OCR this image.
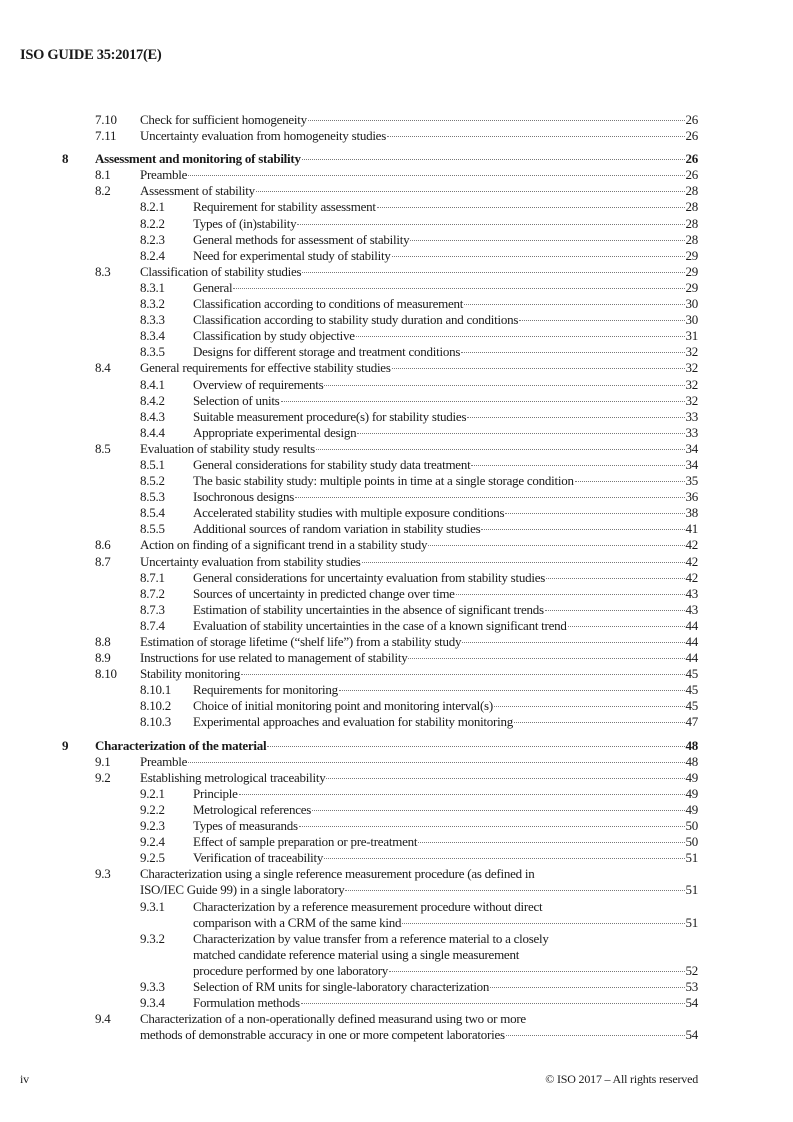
ISO GUIDE 35:2017(E)
7.10 Check for sufficient homogeneity	26
7.11 Uncertainty evaluation from homogeneity studies	26
8 Assessment and monitoring of stability	26
8.1 Preamble	26
8.2 Assessment of stability	28
8.2.1 Requirement for stability assessment	28
8.2.2 Types of (in)stability	28
8.2.3 General methods for assessment of stability	28
8.2.4 Need for experimental study of stability	29
8.3 Classification of stability studies	29
8.3.1 General	29
8.3.2 Classification according to conditions of measurement	30
8.3.3 Classification according to stability study duration and conditions	30
8.3.4 Classification by study objective	31
8.3.5 Designs for different storage and treatment conditions	32
8.4 General requirements for effective stability studies	32
8.4.1 Overview of requirements	32
8.4.2 Selection of units	32
8.4.3 Suitable measurement procedure(s) for stability studies	33
8.4.4 Appropriate experimental design	33
8.5 Evaluation of stability study results	34
8.5.1 General considerations for stability study data treatment	34
8.5.2 The basic stability study: multiple points in time at a single storage condition	35
8.5.3 Isochronous designs	36
8.5.4 Accelerated stability studies with multiple exposure conditions	38
8.5.5 Additional sources of random variation in stability studies	41
8.6 Action on finding of a significant trend in a stability study	42
8.7 Uncertainty evaluation from stability studies	42
8.7.1 General considerations for uncertainty evaluation from stability studies	42
8.7.2 Sources of uncertainty in predicted change over time	43
8.7.3 Estimation of stability uncertainties in the absence of significant trends	43
8.7.4 Evaluation of stability uncertainties in the case of a known significant trend	44
8.8 Estimation of storage lifetime (“shelf life”) from a stability study	44
8.9 Instructions for use related to management of stability	44
8.10 Stability monitoring	45
8.10.1 Requirements for monitoring	45
8.10.2 Choice of initial monitoring point and monitoring interval(s)	45
8.10.3 Experimental approaches and evaluation for stability monitoring	47
9 Characterization of the material	48
9.1 Preamble	48
9.2 Establishing metrological traceability	49
9.2.1 Principle	49
9.2.2 Metrological references	49
9.2.3 Types of measurands	50
9.2.4 Effect of sample preparation or pre-treatment	50
9.2.5 Verification of traceability	51
9.3 Characterization using a single reference measurement procedure (as defined in
ISO/IEC Guide 99) in a single laboratory	51
9.3.1 Characterization by a reference measurement procedure without direct
comparison with a CRM of the same kind	51
9.3.2 Characterization by value transfer from a reference material to a closely
matched candidate reference material using a single measurement
procedure performed by one laboratory	52
9.3.3 Selection of RM units for single-laboratory characterization	53
9.3.4 Formulation methods	54
9.4 Characterization of a non-operationally defined measurand using two or more
methods of demonstrable accuracy in one or more competent laboratories	54
iv	© ISO 2017 – All rights reserved
